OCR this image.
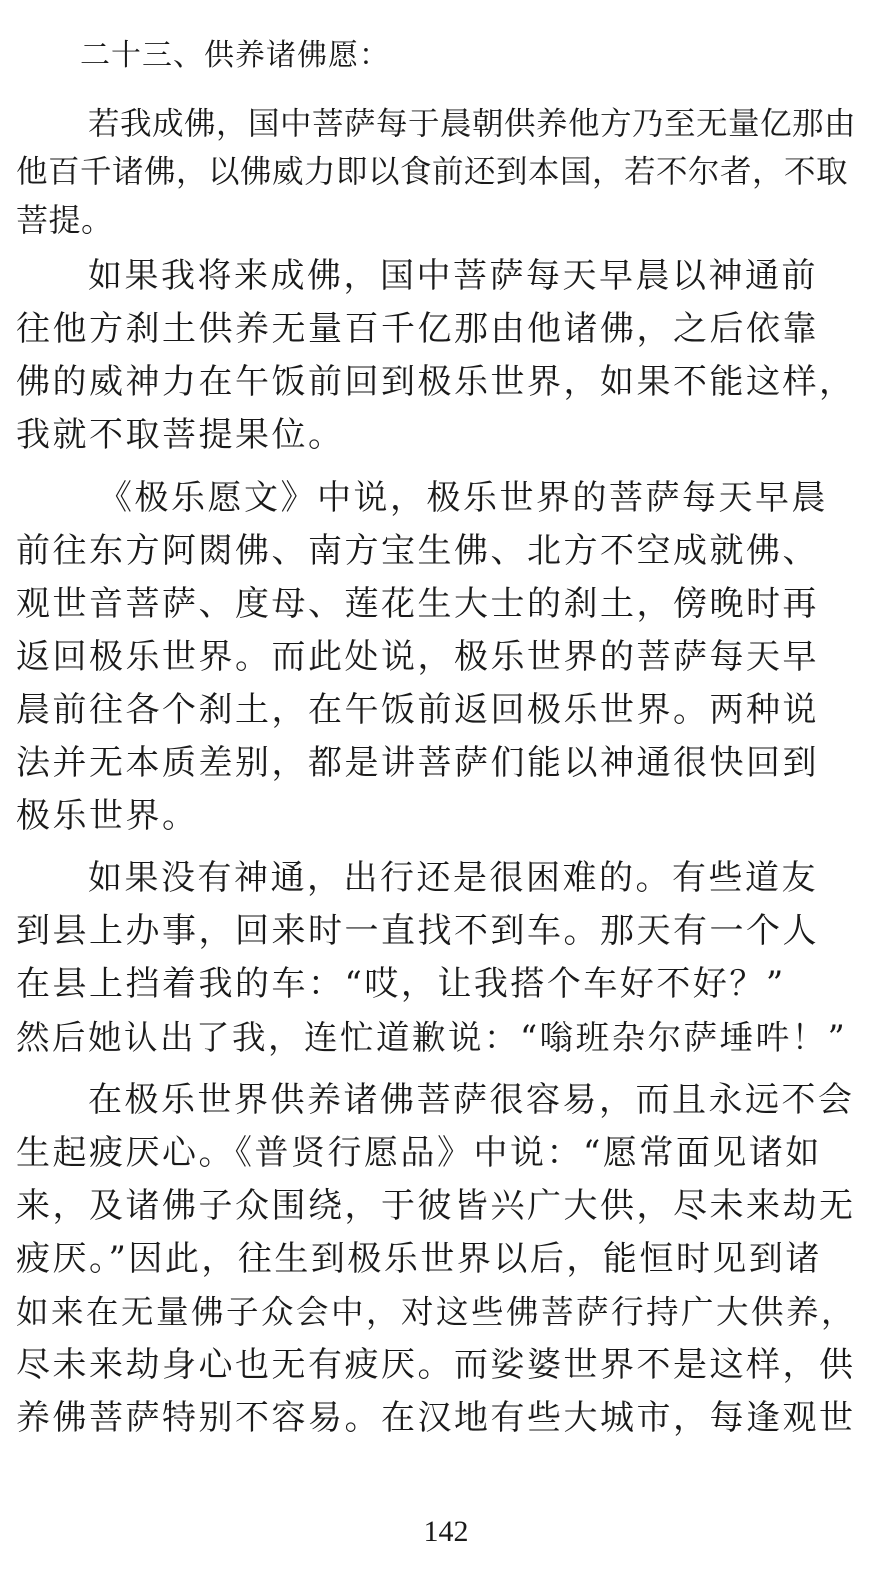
二十三、供养诸佛愿：
若我成佛，国中菩萨每于晨朝供养他方乃至无量亿那由
他百千诸佛，以佛威力即以食前还到本国，若不尔者，不取
菩提。
如果我将来成佛，国中菩萨每天早晨以神通前
往他方刹土供养无量百千亿那由他诸佛，之后依靠
佛的威神力在午饭前回到极乐世界，如果不能这样，
我就不取菩提果位。
《极乐愿文》中说，极乐世界的菩萨每天早晨
前往东方阿閦佛、南方宝生佛、北方不空成就佛、
观世音菩萨、度母、莲花生大士的刹土，傍晚时再
返回极乐世界。而此处说，极乐世界的菩萨每天早
晨前往各个刹土，在午饭前返回极乐世界。两种说
法并无本质差别，都是讲菩萨们能以神通很快回到
极乐世界。
如果没有神通，出行还是很困难的。有些道友
到县上办事，回来时一直找不到车。那天有一个人
在县上挡着我的车：“哎，让我搭个车好不好？”
然后她认出了我，连忙道歉说：“嗡班杂尔萨埵吽！”
在极乐世界供养诸佛菩萨很容易，而且永远不会
生起疲厌心。《普贤行愿品》中说：“愿常面见诸如
来，及诸佛子众围绕，于彼皆兴广大供，尽未来劫无
疲厌。”因此，往生到极乐世界以后，能恒时见到诸
如来在无量佛子众会中，对这些佛菩萨行持广大供养，
尽未来劫身心也无有疲厌。而娑婆世界不是这样，供
养佛菩萨特别不容易。在汉地有些大城市，每逢观世
142
